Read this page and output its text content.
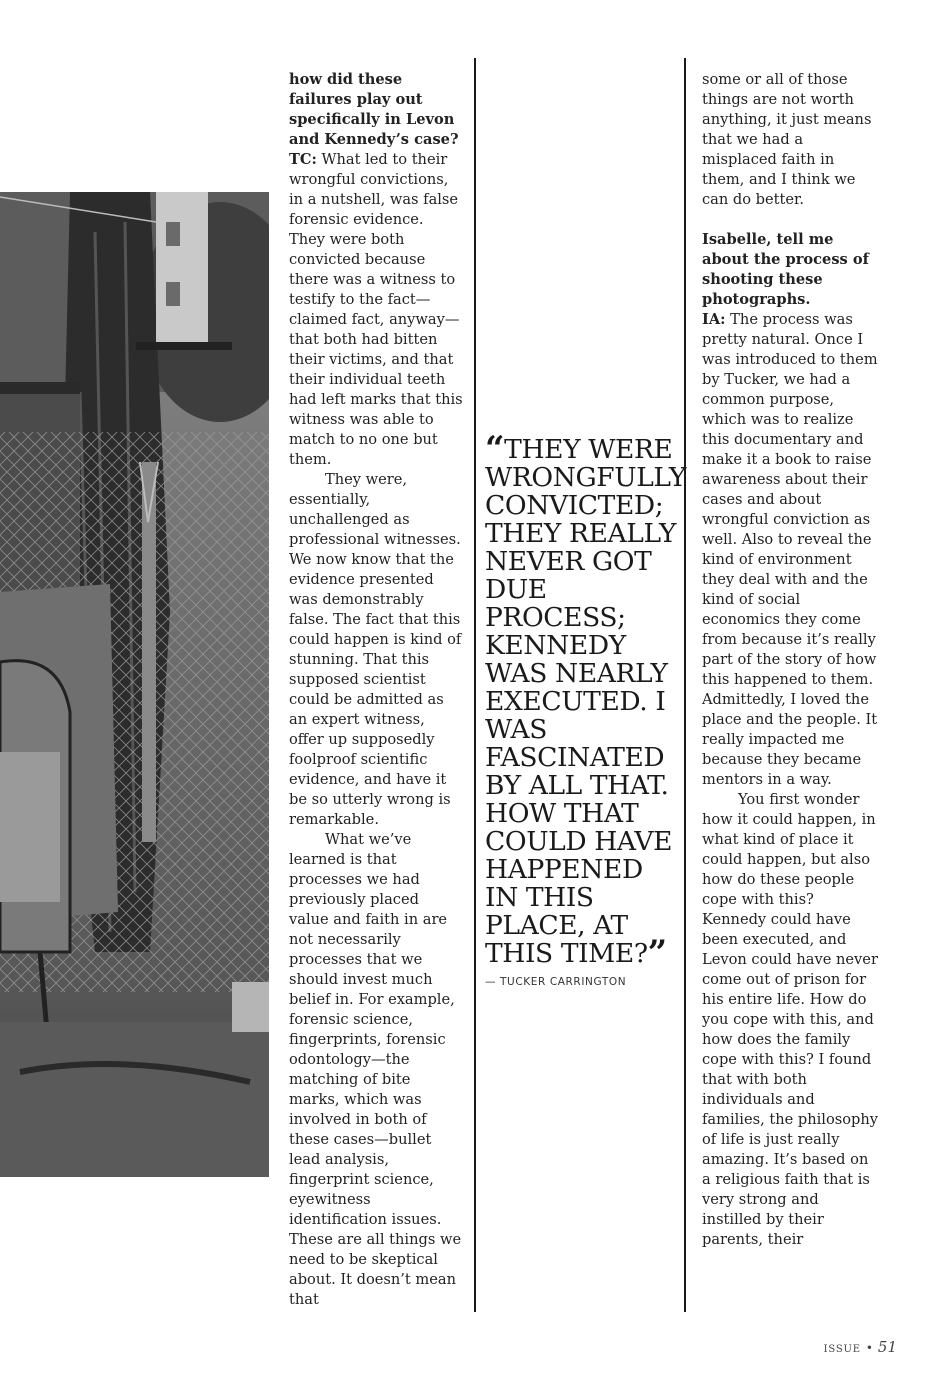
how did these failures play out specifically in Levon and Kennedy’s case?

TC: What led to their wrongful convictions, in a nutshell, was false forensic evidence. They were both convicted because there was a witness to testify to the fact—claimed fact, anyway—that both had bitten their victims, and that their individual teeth had left marks that this witness was able to match to no one but them.

They were, essentially, unchallenged as professional witnesses. We now know that the evidence presented was demonstrably false. The fact that this could happen is kind of stunning. That this supposed scientist could be admitted as an expert witness, offer up supposedly foolproof scientific evidence, and have it be so utterly wrong is remarkable.

What we’ve learned is that processes we had previously placed value and faith in are not necessarily processes that we should invest much belief in. For example, forensic science, fingerprints, forensic odontology—the matching of bite marks, which was involved in both of these cases—bullet lead analysis, fingerprint science, eyewitness identification issues. These are all things we need to be skeptical about. It doesn’t mean that

“THEY WERE WRONGFULLY CONVICTED; THEY REALLY NEVER GOT DUE PROCESS; KENNEDY WAS NEARLY EXECUTED. I WAS FASCINATED BY ALL THAT. HOW THAT COULD HAVE HAPPENED IN THIS PLACE, AT THIS TIME?”

— TUCKER CARRINGTON

some or all of those things are not worth anything, it just means that we had a misplaced faith in them, and I think we can do better.

Isabelle, tell me about the process of shooting these photographs.

IA: The process was pretty natural. Once I was introduced to them by Tucker, we had a common purpose, which was to realize this documentary and make it a book to raise awareness about their cases and about wrongful conviction as well. Also to reveal the kind of environment they deal with and the kind of social economics they come from because it’s really part of the story of how this happened to them. Admittedly, I loved the place and the people. It really impacted me because they became mentors in a way.

You first wonder how it could happen, in what kind of place it could happen, but also how do these people cope with this? Kennedy could have been executed, and Levon could have never come out of prison for his entire life. How do you cope with this, and how does the family cope with this? I found that with both individuals and families, the philosophy of life is just really amazing. It’s based on a religious faith that is very strong and instilled by their parents, their

ISSUE • 51
